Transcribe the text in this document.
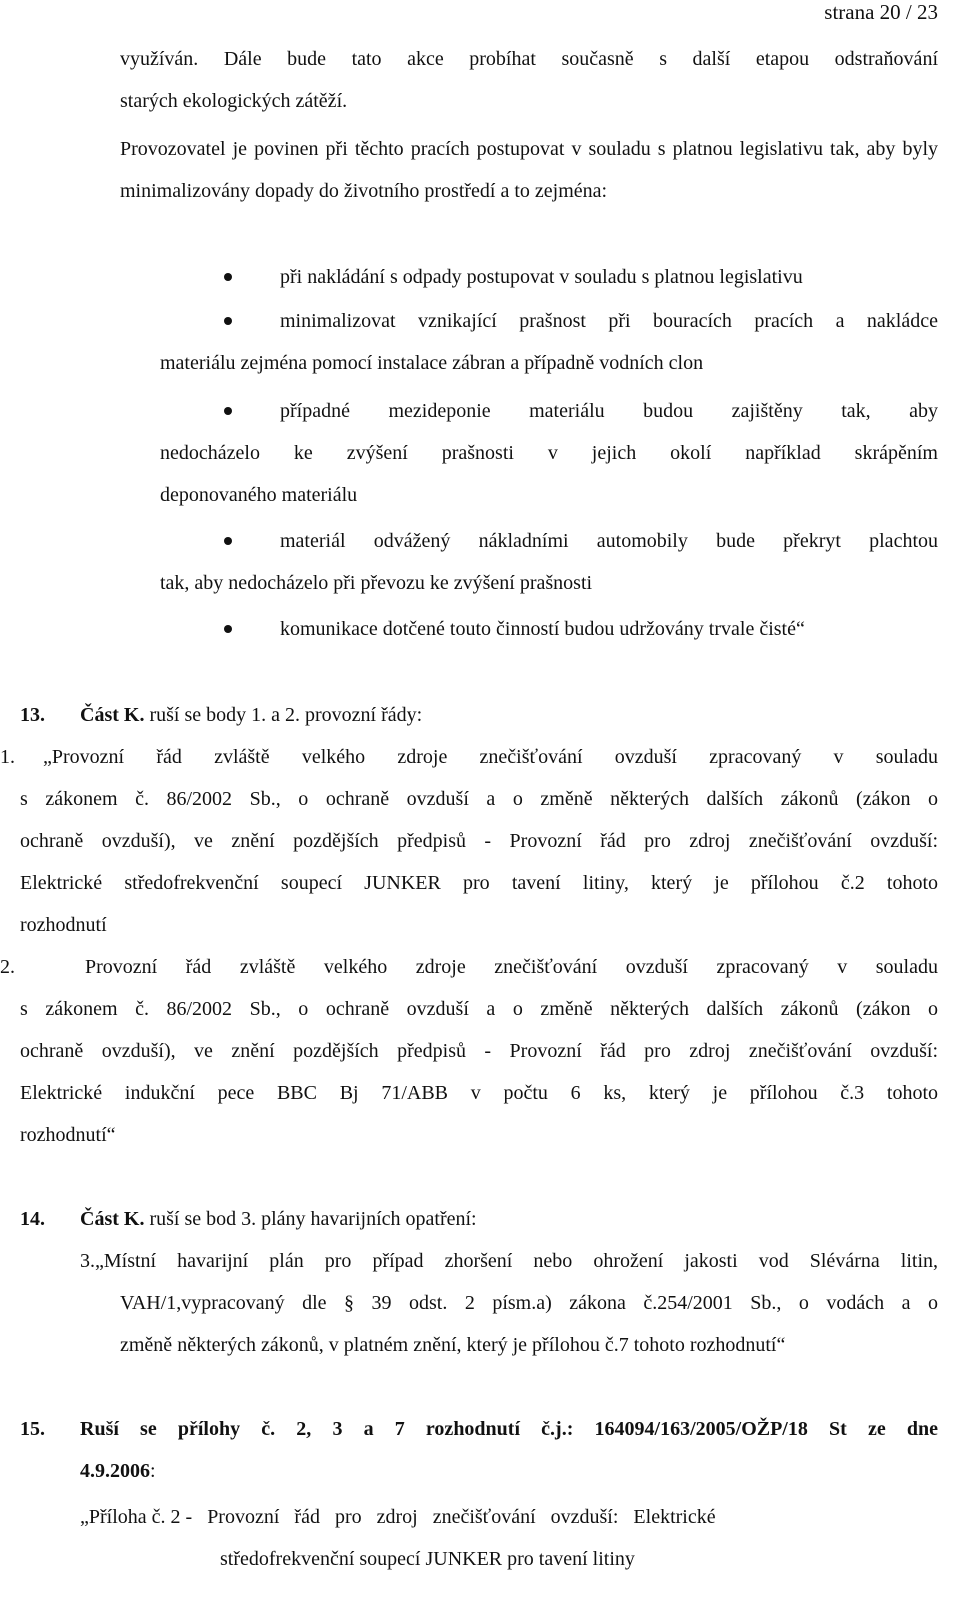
strana 20 / 23
využíván. Dále bude tato akce probíhat současně s další etapou odstraňování
starých ekologických zátěží.
Provozovatel je povinen při těchto pracích postupovat v souladu s platnou legislativu tak, aby byly minimalizovány dopady do životního prostředí a to zejména:
při nakládání s odpady postupovat v souladu s platnou legislativu
minimalizovat vznikající prašnost při bouracích pracích a nakládce
materiálu zejména pomocí instalace zábran a případně vodních clon
případné mezideponie materiálu budou zajištěny tak, aby
nedocházelo ke zvýšení prašnosti v jejich okolí například skrápěním
deponovaného materiálu
materiál odvážený nákladními automobily bude překryt plachtou
tak, aby nedocházelo při převozu ke zvýšení prašnosti
komunikace dotčené touto činností budou udržovány trvale čisté“
13. Část K. ruší se body 1. a 2. provozní řády:
1. „Provozní řád zvláště velkého zdroje znečišťování ovzduší zpracovaný v souladu
s zákonem č. 86/2002 Sb., o ochraně ovzduší a o změně některých dalších zákonů (zákon o
ochraně ovzduší), ve znění pozdějších předpisů - Provozní řád pro zdroj znečišťování ovzduší:
Elektrické středofrekvenční soupecí JUNKER pro tavení litiny, který je přílohou č.2 tohoto
rozhodnutí
2.	Provozní řád zvláště velkého zdroje znečišťování ovzduší zpracovaný v souladu
s zákonem č. 86/2002 Sb., o ochraně ovzduší a o změně některých dalších zákonů (zákon o
ochraně ovzduší), ve znění pozdějších předpisů - Provozní řád pro zdroj znečišťování ovzduší:
Elektrické indukční pece BBC Bj 71/ABB v počtu 6 ks, který je přílohou č.3 tohoto
rozhodnutí“
14. Část K. ruší se bod 3. plány havarijních opatření:
3.„Místní havarijní plán pro případ zhoršení nebo ohrožení jakosti vod Slévárna litin,
VAH/1,vypracovaný dle § 39 odst. 2 písm.a) zákona č.254/2001 Sb., o vodách a o
změně některých zákonů, v platném znění, který je přílohou č.7 tohoto rozhodnutí“
15. Ruší se přílohy č. 2, 3 a 7 rozhodnutí č.j.: 164094/163/2005/OŽP/18 St ze dne
4.9.2006:
„Příloha č. 2 -   Provozní   řád   pro   zdroj   znečišťování   ovzduší:   Elektrické
středofrekvenční soupecí JUNKER pro tavení litiny
